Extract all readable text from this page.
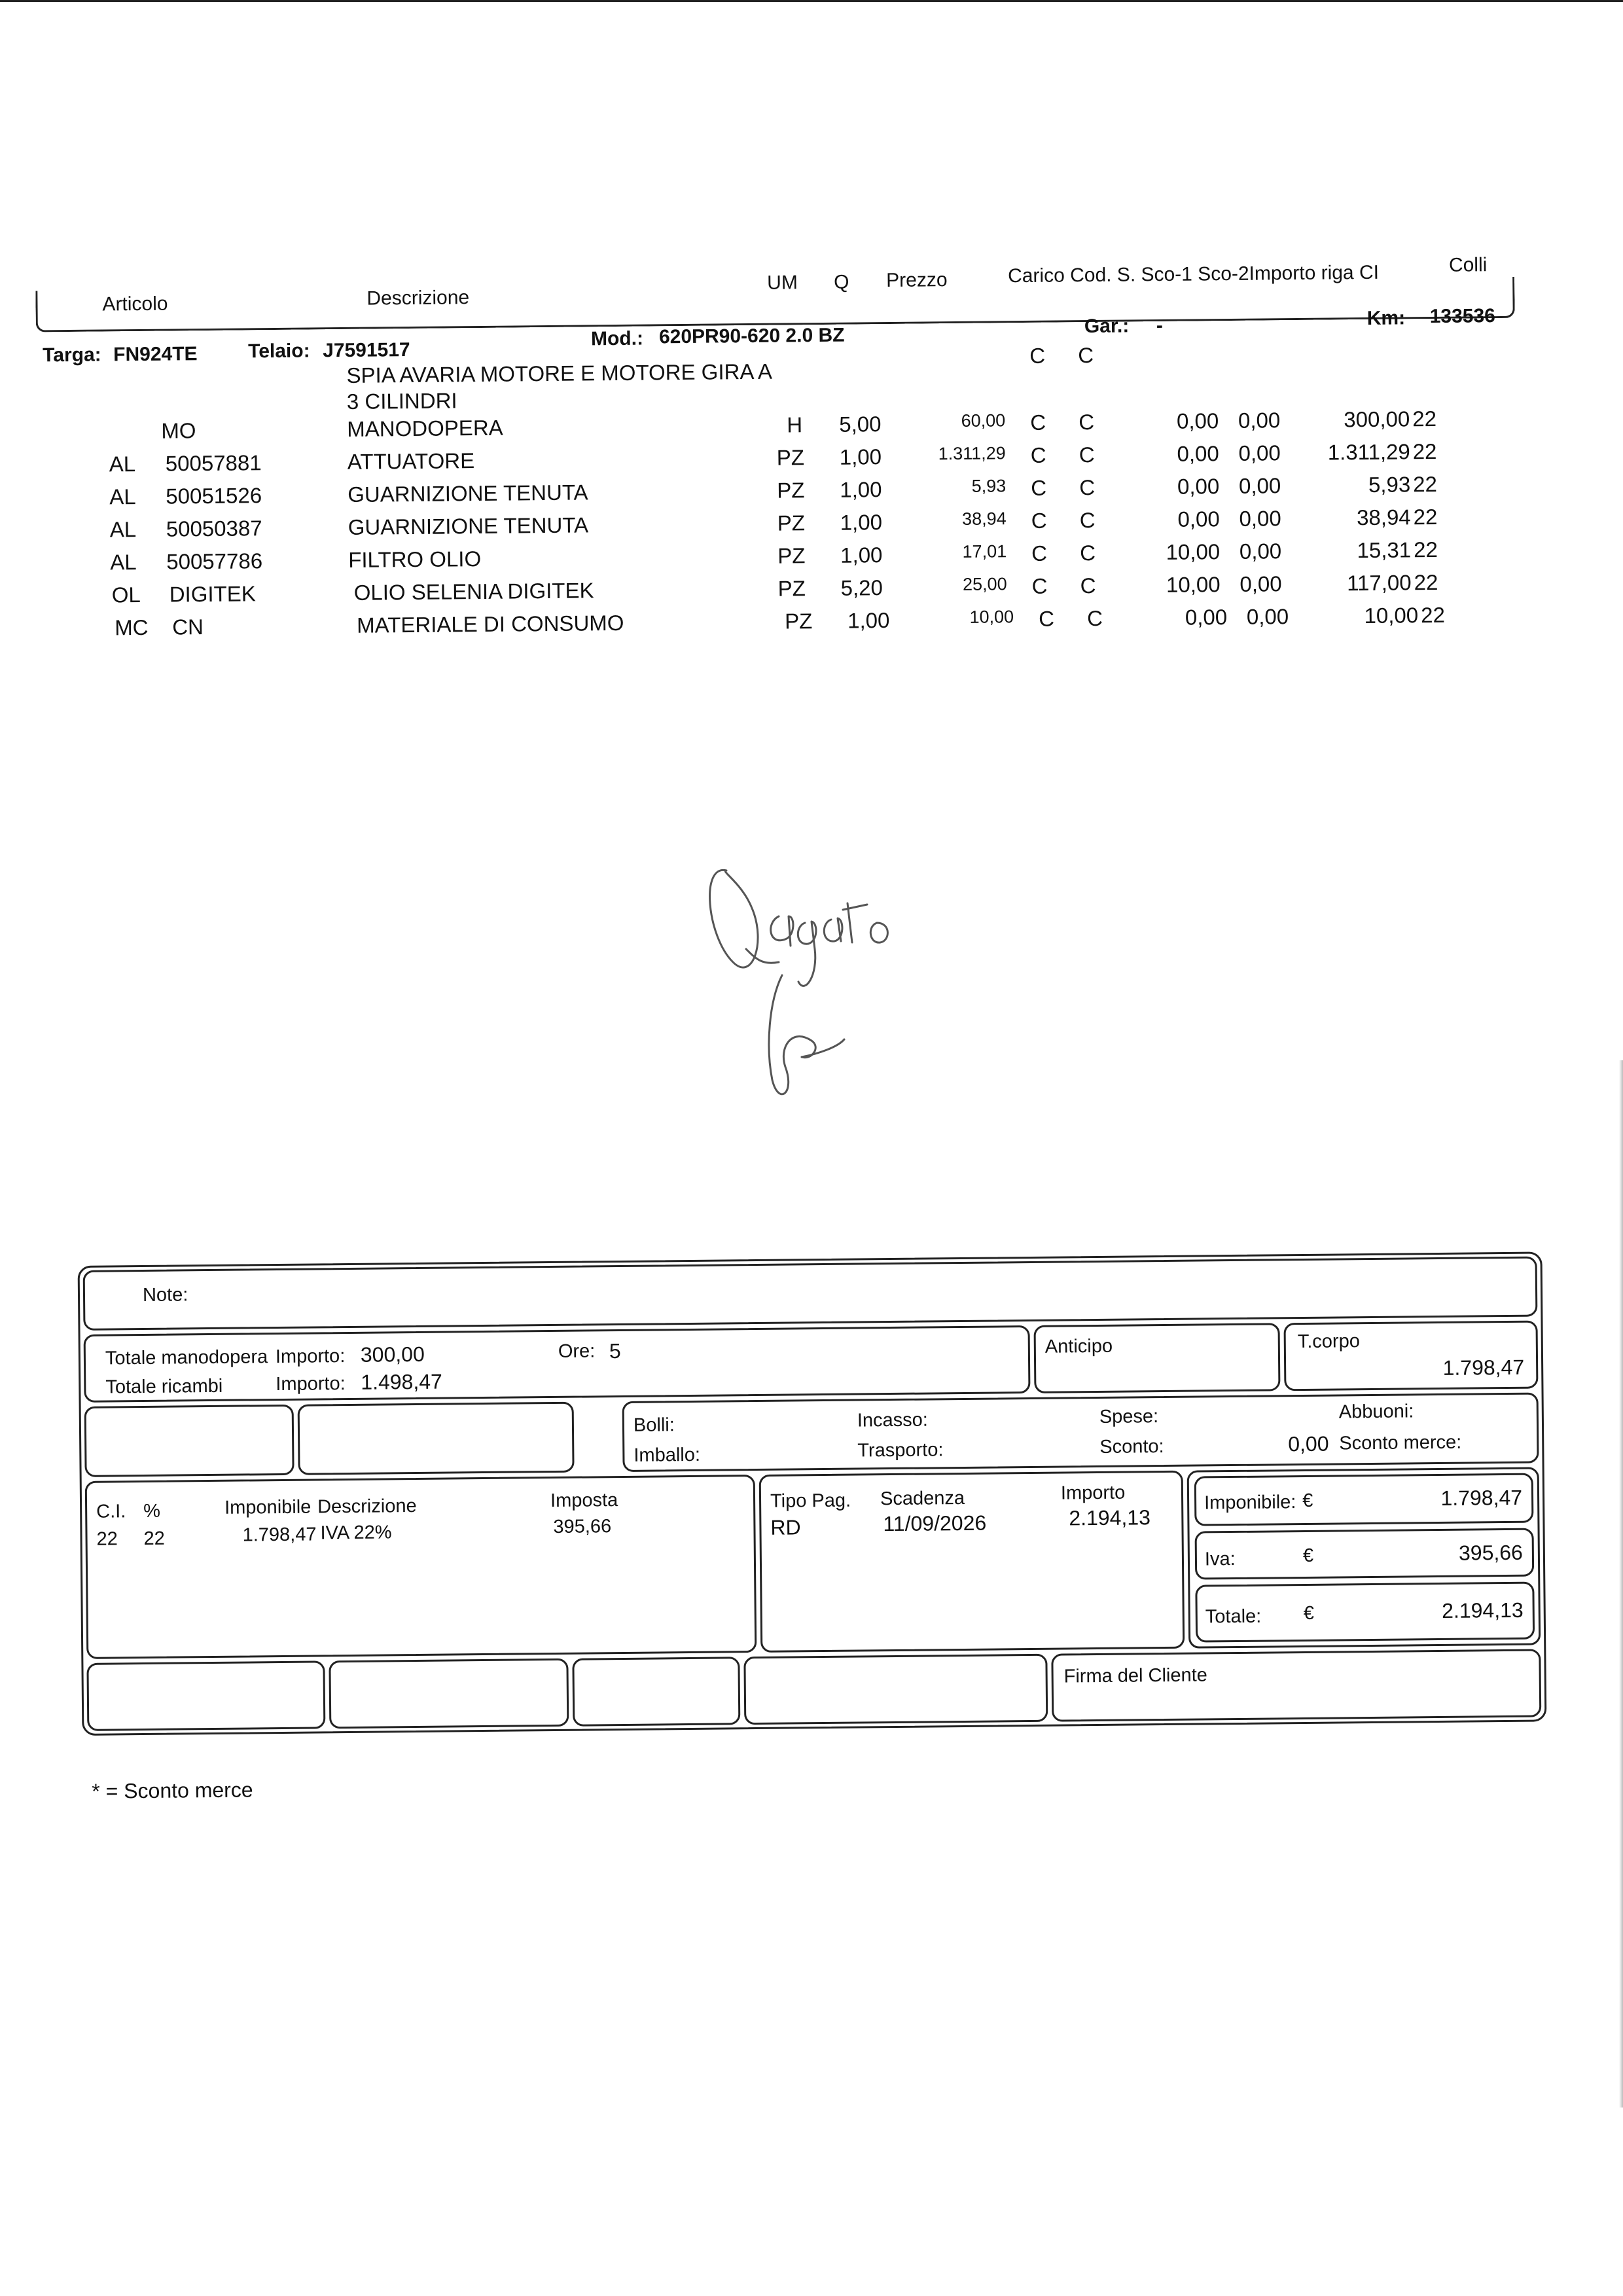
Articolo	Descrizione
UM Q Prezzo	Carico Cod. S. Sco-1 Sco-2Importo riga CI	Colli
Targa: FN924TE	Telaio: J7591517
Mod.: 620PR90-620 2.0 BZ	Gar.: -	Km: 133536
SPIA AVARIA MOTORE E MOTORE GIRA A
3 CILINDRI
C C
MO	MANODOPERA	H 5,00	60,00 C C	0,00 0,00	300,00 22
AL 50057881	ATTUATORE	PZ 1,00	1.311,29 C C	0,00 0,00	1.311,29 22
AL 50051526	GUARNIZIONE TENUTA	PZ 1,00	5,93 C C	0,00 0,00	5,93 22
AL 50050387	GUARNIZIONE TENUTA	PZ 1,00	38,94 C C	0,00 0,00	38,94 22
AL 50057786	FILTRO OLIO	PZ 1,00	17,01 C C	10,00 0,00	15,31 22
OL DIGITEK	OLIO SELENIA DIGITEK	PZ 5,20	25,00 C C	10,00 0,00	117,00 22
MC CN	MATERIALE DI CONSUMO	PZ 1,00	10,00 C C	0,00 0,00	10,00 22
Note:
Totale manodopera Importo: 300,00	Ore: 5
Totale ricambi	Importo: 1.498,47
Anticipo	T.corpo
1.798,47
Bolli:
Imballo:
Incasso:
Trasporto:
Spese:
Sconto:	0,00
Abbuoni:
Sconto merce:
C.I. %	Imponibile Descrizione	Imposta
22 22	1.798,47 IVA 22%	395,66
Tipo Pag. Scadenza	Importo
RD	11/09/2026	2.194,13
Imponibile: €	1.798,47
Iva:	€	395,66
Totale: €	2.194,13
Firma del Cliente
* = Sconto merce
